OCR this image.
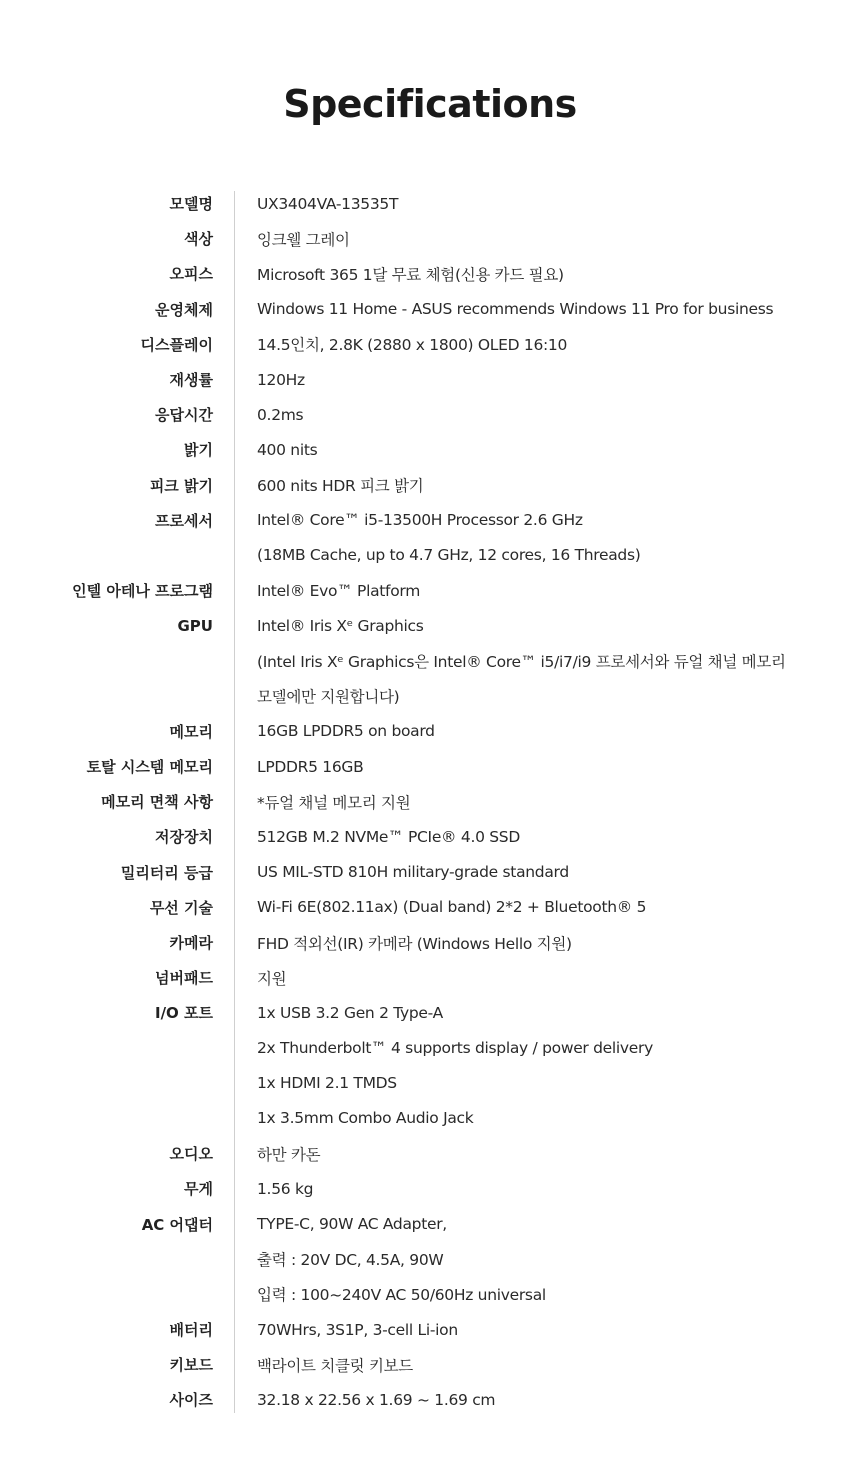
Specifications
모델명	UX3404VA-13535T
색상	잉크웰 그레이
오피스	Microsoft 365 1달 무료 체험(신용 카드 필요)
운영체제	Windows 11 Home - ASUS recommends Windows 11 Pro for business
디스플레이	14.5인치, 2.8K (2880 x 1800) OLED 16:10
재생률	120Hz
응답시간	0.2ms
밝기	400 nits
피크 밝기	600 nits HDR 피크 밝기
프로세서	Intel® Core™ i5-13500H Processor 2.6 GHz
(18MB Cache, up to 4.7 GHz, 12 cores, 16 Threads)
인텔 아테나 프로그램	Intel® Evo™ Platform
GPU	Intel® Iris Xᵉ Graphics
(Intel Iris Xᵉ Graphics은 Intel® Core™ i5/i7/i9 프로세서와 듀얼 채널 메모리
모델에만 지원합니다)
메모리	16GB LPDDR5 on board
토탈 시스템 메모리	LPDDR5 16GB
메모리 면책 사항	*듀얼 채널 메모리 지원
저장장치	512GB M.2 NVMe™ PCIe® 4.0 SSD
밀리터리 등급	US MIL-STD 810H military-grade standard
무선 기술	Wi-Fi 6E(802.11ax) (Dual band) 2*2 + Bluetooth® 5
카메라	FHD 적외선(IR) 카메라 (Windows Hello 지원)
넘버패드	지원
I/O 포트	1x USB 3.2 Gen 2 Type-A
2x Thunderbolt™ 4 supports display / power delivery
1x HDMI 2.1 TMDS
1x 3.5mm Combo Audio Jack
오디오	하만 카돈
무게	1.56 kg
AC 어댑터	TYPE-C, 90W AC Adapter,
출력 : 20V DC, 4.5A, 90W
입력 : 100~240V AC 50/60Hz universal
배터리	70WHrs, 3S1P, 3-cell Li-ion
키보드	백라이트 치클릿 키보드
사이즈	32.18 x 22.56 x 1.69 ~ 1.69 cm
